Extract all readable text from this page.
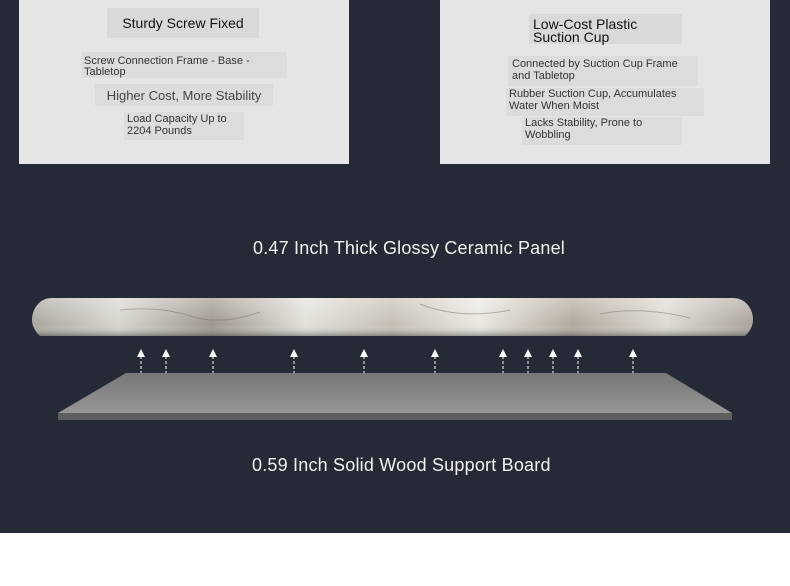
Sturdy Screw Fixed
Screw Connection Frame - Base -
Tabletop
Higher Cost, More Stability
Load Capacity Up to
2204 Pounds
Low-Cost Plastic
Suction Cup
Connected by Suction Cup Frame
and Tabletop
Rubber Suction Cup, Accumulates
Water When Moist
Lacks Stability, Prone to
Wobbling
0.47 Inch Thick Glossy Ceramic Panel
0.59 Inch Solid Wood Support Board
